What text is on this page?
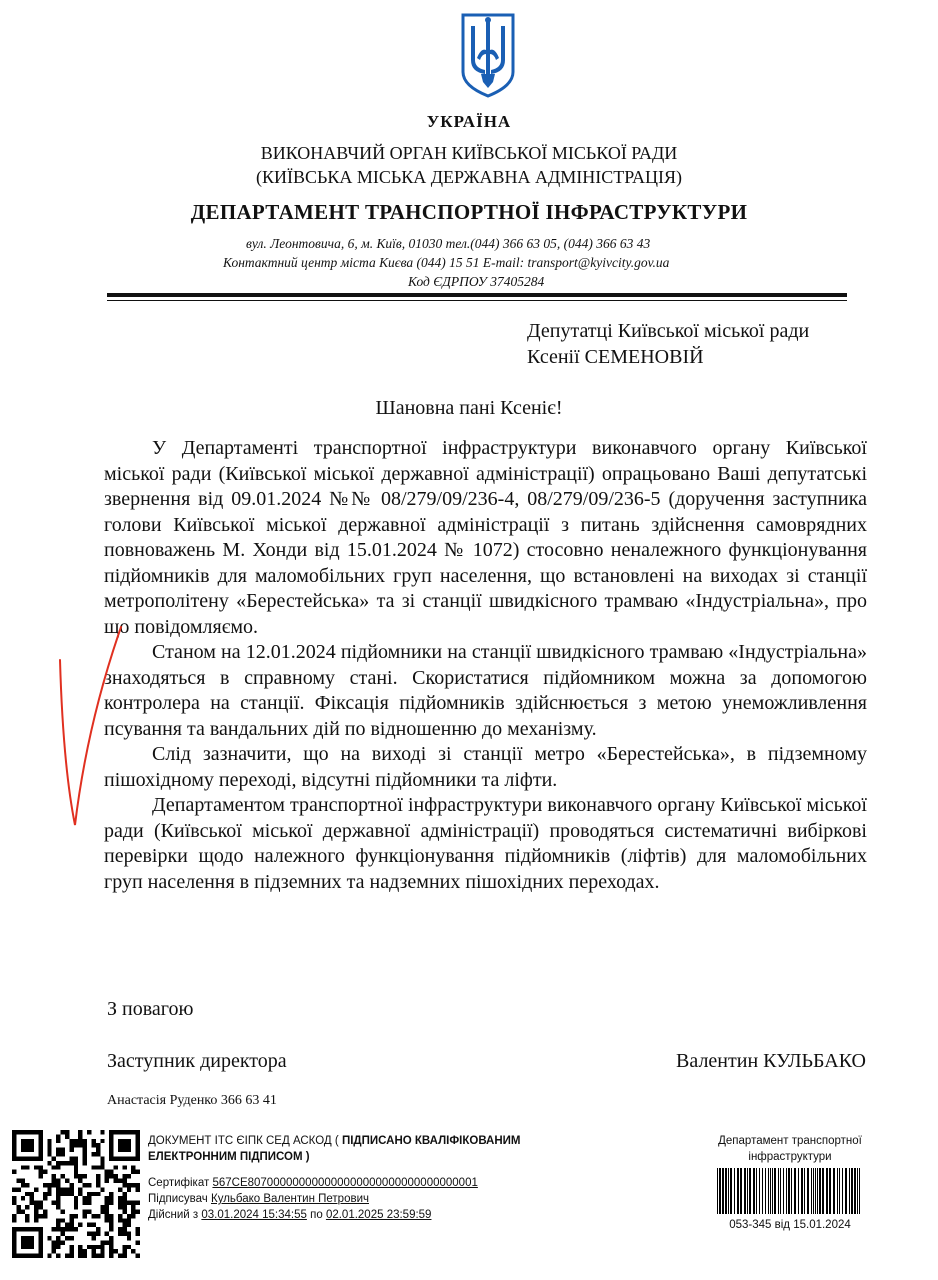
УКРАЇНА
ВИКОНАВЧИЙ ОРГАН КИЇВСЬКОЇ МІСЬКОЇ РАДИ
(КИЇВСЬКА МІСЬКА ДЕРЖАВНА АДМІНІСТРАЦІЯ)
ДЕПАРТАМЕНТ ТРАНСПОРТНОЇ ІНФРАСТРУКТУРИ
вул. Леонтовича, 6, м. Київ, 01030 тел.(044) 366 63 05, (044) 366 63 43
Контактний центр міста Києва (044) 15 51 E-mail: transport@kyivcity.gov.ua
Код ЄДРПОУ 37405284
Депутатці Київської міської ради
Ксенії СЕМЕНОВІЙ
Шановна пані Ксеніє!

У Департаменті транспортної інфраструктури виконавчого органу Київської міської ради (Київської міської державної адміністрації) опрацьовано Ваші депутатські звернення від 09.01.2024 №№ 08/279/09/236-4, 08/279/09/236-5 (доручення заступника голови Київської міської державної адміністрації з питань здійснення самоврядних повноважень М. Хонди від 15.01.2024 № 1072) стосовно неналежного функціонування підйомників для маломобільних груп населення, що встановлені на виходах зі станції метрополітену «Берестейська» та зі станції швидкісного трамваю «Індустріальна», про що повідомляємо.

Станом на 12.01.2024 підйомники на станції швидкісного трамваю «Індустріальна» знаходяться в справному стані. Скористатися підйомником можна за допомогою контролера на станції. Фіксація підйомників здійснюється з метою унеможливлення псування та вандальних дій по відношенню до механізму.

Слід зазначити, що на виході зі станції метро «Берестейська», в підземному пішохідному переході, відсутні підйомники та ліфти.

Департаментом транспортної інфраструктури виконавчого органу Київської міської ради (Київської міської державної адміністрації) проводяться систематичні вибіркові перевірки щодо належного функціонування підйомників (ліфтів) для маломобільних груп населення в підземних та надземних пішохідних переходах.

З повагою
Заступник директора	Валентин КУЛЬБАКО
Анастасія Руденко 366 63 41
ДОКУМЕНТ ІТС ЄІПК СЕД АСКОД ( ПІДПИСАНО КВАЛІФІКОВАНИМ ЕЛЕКТРОННИМ ПІДПИСОМ )
Сертифікат 567CE807000000000000000000000000000000001
Підписувач Кульбако Валентин Петрович
Дійсний з 03.01.2024 15:34:55 по 02.01.2025 23:59:59
Департамент транспортної інфраструктури
053-345 від 15.01.2024
